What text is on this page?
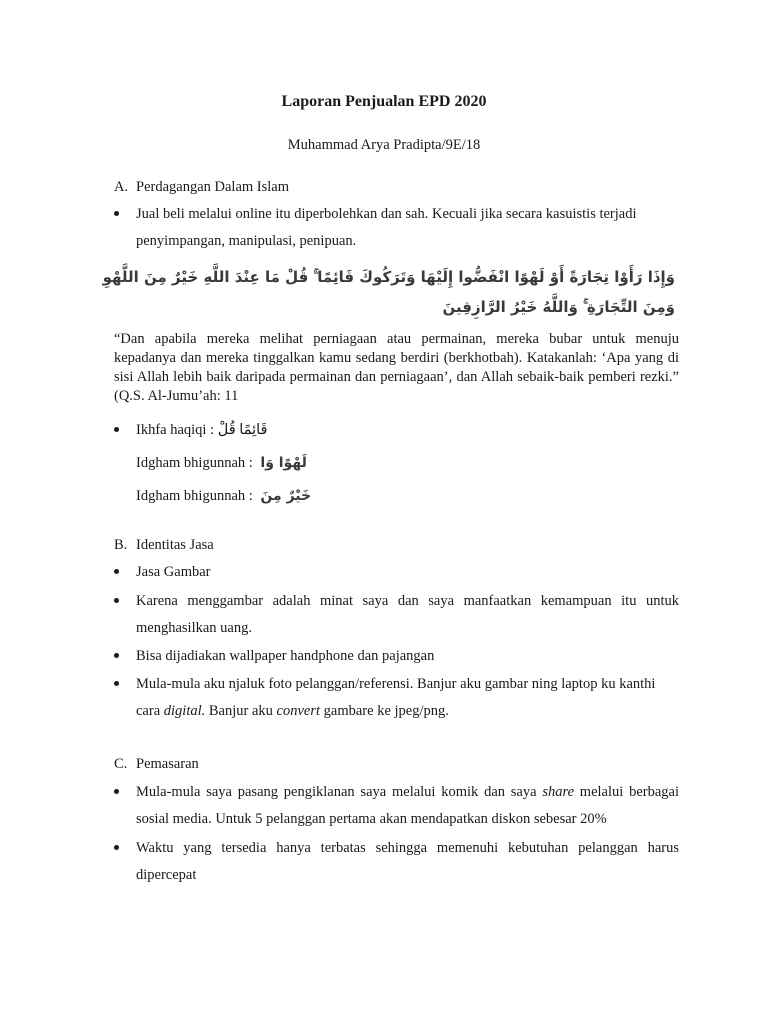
Laporan Penjualan EPD 2020
Muhammad Arya Pradipta/9E/18
A. Perdagangan Dalam Islam
Jual beli melalui online itu diperbolehkan dan sah. Kecuali jika secara kasuistis terjadi penyimpangan, manipulasi, penipuan.
وَإِذَا رَأَوْا تِجَارَةً أَوْ لَهْوًا انْفَضُّوا إِلَيْهَا وَتَرَكُوكَ قَائِمًا ۚ قُلْ مَا عِنْدَ اللَّهِ خَيْرٌ مِنَ اللَّهْوِ وَمِنَ التِّجَارَةِ ۚ وَاللَّهُ خَيْرُ الرَّازِقِينَ
“Dan apabila mereka melihat perniagaan atau permainan, mereka bubar untuk menuju kepadanya dan mereka tinggalkan kamu sedang berdiri (berkhotbah). Katakanlah: ‘Apa yang di sisi Allah lebih baik daripada permainan dan perniagaan’, dan Allah sebaik-baik pemberi rezki.” (Q.S. Al-Jumu’ah: 11
Ikhfa haqiqi : قَائِمًا قُلْ
Idgham bhigunnah : لَهْوًا وَا
Idgham bhigunnah : خَيْرٌ مِنَ
B. Identitas Jasa
Jasa Gambar
Karena menggambar adalah minat saya dan saya manfaatkan kemampuan itu untuk menghasilkan uang.
Bisa dijadiakan wallpaper handphone dan pajangan
Mula-mula aku njaluk foto pelanggan/referensi. Banjur aku gambar ning laptop ku kanthi cara digital. Banjur aku convert gambare ke jpeg/png.
C. Pemasaran
Mula-mula saya pasang pengiklanan saya melalui komik dan saya share melalui berbagai sosial media. Untuk 5 pelanggan pertama akan mendapatkan diskon sebesar 20%
Waktu yang tersedia hanya terbatas sehingga memenuhi kebutuhan pelanggan harus dipercepat
